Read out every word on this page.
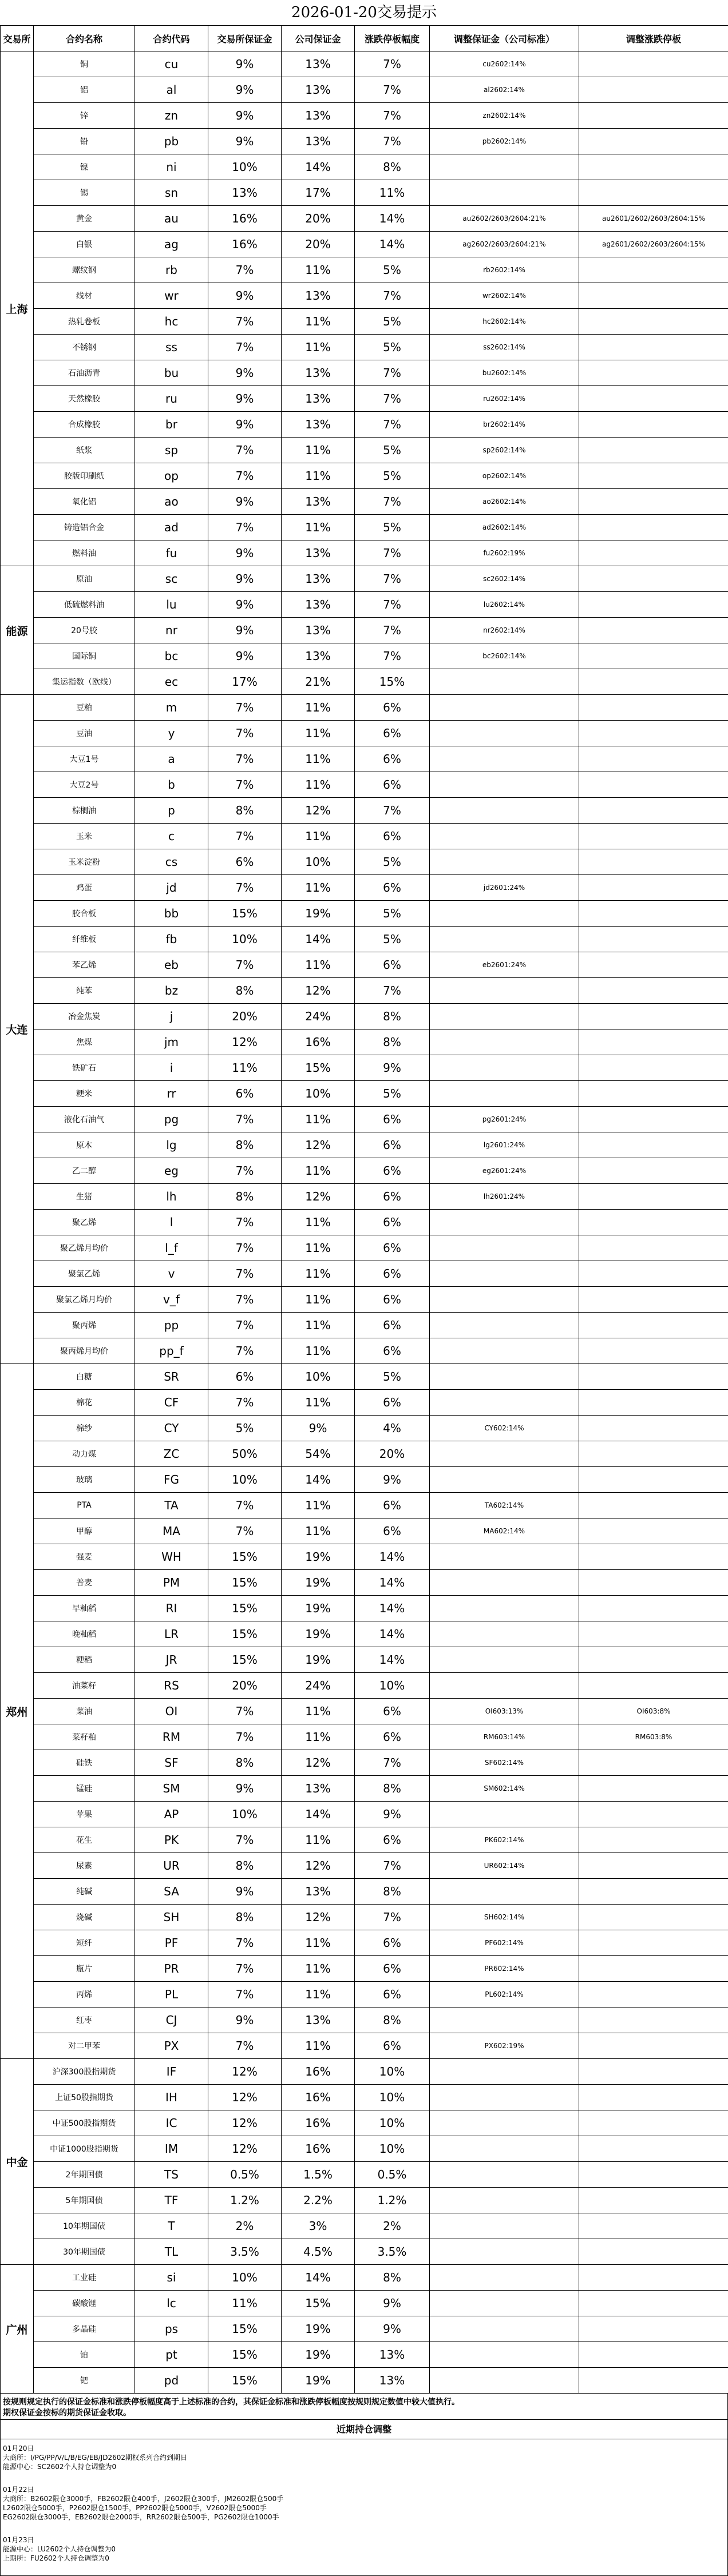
2026-01-20交易提示
交易所	合约名称	合约代码	交易所保证金	公司保证金	涨跌停板幅度	调整保证金（公司标准）	调整涨跌停板
上海	铜	cu	9%	13%	7%	cu2602:14%	
	铝	al	9%	13%	7%	al2602:14%	
	锌	zn	9%	13%	7%	zn2602:14%	
	铅	pb	9%	13%	7%	pb2602:14%	
	镍	ni	10%	14%	8%		
	锡	sn	13%	17%	11%		
	黄金	au	16%	20%	14%	au2602/2603/2604:21%	au2601/2602/2603/2604:15%
	白银	ag	16%	20%	14%	ag2602/2603/2604:21%	ag2601/2602/2603/2604:15%
	螺纹钢	rb	7%	11%	5%	rb2602:14%	
	线材	wr	9%	13%	7%	wr2602:14%	
	热轧卷板	hc	7%	11%	5%	hc2602:14%	
	不锈钢	ss	7%	11%	5%	ss2602:14%	
	石油沥青	bu	9%	13%	7%	bu2602:14%	
	天然橡胶	ru	9%	13%	7%	ru2602:14%	
	合成橡胶	br	9%	13%	7%	br2602:14%	
	纸浆	sp	7%	11%	5%	sp2602:14%	
	胶版印刷纸	op	7%	11%	5%	op2602:14%	
	氧化铝	ao	9%	13%	7%	ao2602:14%	
	铸造铝合金	ad	7%	11%	5%	ad2602:14%	
	燃料油	fu	9%	13%	7%	fu2602:19%	
能源	原油	sc	9%	13%	7%	sc2602:14%	
	低硫燃料油	lu	9%	13%	7%	lu2602:14%	
	20号胶	nr	9%	13%	7%	nr2602:14%	
	国际铜	bc	9%	13%	7%	bc2602:14%	
	集运指数（欧线）	ec	17%	21%	15%		
大连	豆粕	m	7%	11%	6%		
	豆油	y	7%	11%	6%		
	大豆1号	a	7%	11%	6%		
	大豆2号	b	7%	11%	6%		
	棕榈油	p	8%	12%	7%		
	玉米	c	7%	11%	6%		
	玉米淀粉	cs	6%	10%	5%		
	鸡蛋	jd	7%	11%	6%	jd2601:24%	
	胶合板	bb	15%	19%	5%		
	纤维板	fb	10%	14%	5%		
	苯乙烯	eb	7%	11%	6%	eb2601:24%	
	纯苯	bz	8%	12%	7%		
	冶金焦炭	j	20%	24%	8%		
	焦煤	jm	12%	16%	8%		
	铁矿石	i	11%	15%	9%		
	粳米	rr	6%	10%	5%		
	液化石油气	pg	7%	11%	6%	pg2601:24%	
	原木	lg	8%	12%	6%	lg2601:24%	
	乙二醇	eg	7%	11%	6%	eg2601:24%	
	生猪	lh	8%	12%	6%	lh2601:24%	
	聚乙烯	l	7%	11%	6%		
	聚乙烯月均价	l_f	7%	11%	6%		
	聚氯乙烯	v	7%	11%	6%		
	聚氯乙烯月均价	v_f	7%	11%	6%		
	聚丙烯	pp	7%	11%	6%		
	聚丙烯月均价	pp_f	7%	11%	6%		
郑州	白糖	SR	6%	10%	5%		
	棉花	CF	7%	11%	6%		
	棉纱	CY	5%	9%	4%	CY602:14%	
	动力煤	ZC	50%	54%	20%		
	玻璃	FG	10%	14%	9%		
	PTA	TA	7%	11%	6%	TA602:14%	
	甲醇	MA	7%	11%	6%	MA602:14%	
	强麦	WH	15%	19%	14%		
	普麦	PM	15%	19%	14%		
	早籼稻	RI	15%	19%	14%		
	晚籼稻	LR	15%	19%	14%		
	粳稻	JR	15%	19%	14%		
	油菜籽	RS	20%	24%	10%		
	菜油	OI	7%	11%	6%	OI603:13%	OI603:8%
	菜籽粕	RM	7%	11%	6%	RM603:14%	RM603:8%
	硅铁	SF	8%	12%	7%	SF602:14%	
	锰硅	SM	9%	13%	8%	SM602:14%	
	苹果	AP	10%	14%	9%		
	花生	PK	7%	11%	6%	PK602:14%	
	尿素	UR	8%	12%	7%	UR602:14%	
	纯碱	SA	9%	13%	8%		
	烧碱	SH	8%	12%	7%	SH602:14%	
	短纤	PF	7%	11%	6%	PF602:14%	
	瓶片	PR	7%	11%	6%	PR602:14%	
	丙烯	PL	7%	11%	6%	PL602:14%	
	红枣	CJ	9%	13%	8%		
	对二甲苯	PX	7%	11%	6%	PX602:19%	
中金	沪深300股指期货	IF	12%	16%	10%		
	上证50股指期货	IH	12%	16%	10%		
	中证500股指期货	IC	12%	16%	10%		
	中证1000股指期货	IM	12%	16%	10%		
	2年期国债	TS	0.5%	1.5%	0.5%		
	5年期国债	TF	1.2%	2.2%	1.2%		
	10年期国债	T	2%	3%	2%		
	30年期国债	TL	3.5%	4.5%	3.5%		
广州	工业硅	si	10%	14%	8%		
	碳酸锂	lc	11%	15%	9%		
	多晶硅	ps	15%	19%	9%		
	铂	pt	15%	19%	13%		
	钯	pd	15%	19%	13%		
按规则规定执行的保证金标准和涨跌停板幅度高于上述标准的合约，其保证金标准和涨跌停板幅度按规则规定数值中较大值执行。
期权保证金按标的期货保证金收取。
近期持仓调整
01月20日
大商所：I/PG/PP/V/L/B/EG/EB/JD2602期权系列合约到期日
能源中心：SC2602个人持仓调整为0
01月22日
大商所：B2602限仓3000手，FB2602限仓400手，J2602限仓300手，JM2602限仓500手
L2602限仓5000手，P2602限仓1500手，PP2602限仓5000手，V2602限仓5000手
EG2602限仓3000手，EB2602限仓2000手，RR2602限仓500手，PG2602限仓1000手
01月23日
能源中心：LU2602个人持仓调整为0
上期所：FU2602个人持仓调整为0
